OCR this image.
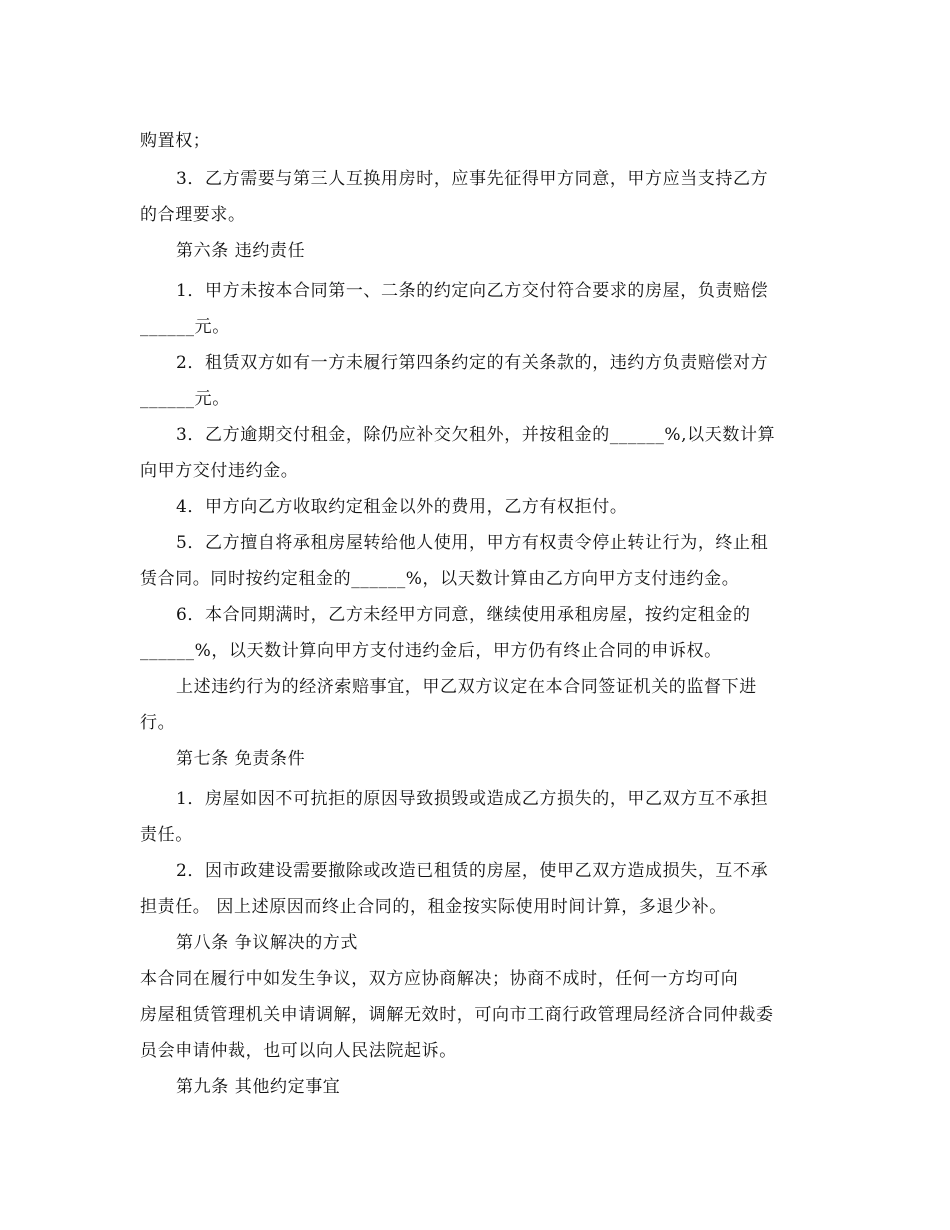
购置权；
3．乙方需要与第三人互换用房时，应事先征得甲方同意，甲方应当支持乙方
的合理要求。
第六条 违约责任
1．甲方未按本合同第一、二条的约定向乙方交付符合要求的房屋，负责赔偿
______元。
2．租赁双方如有一方未履行第四条约定的有关条款的，违约方负责赔偿对方
______元。
3．乙方逾期交付租金，除仍应补交欠租外，并按租金的______%,以天数计算
向甲方交付违约金。
4．甲方向乙方收取约定租金以外的费用，乙方有权拒付。
5．乙方擅自将承租房屋转给他人使用，甲方有权责令停止转让行为，终止租
赁合同。同时按约定租金的______%，以天数计算由乙方向甲方支付违约金。
6．本合同期满时，乙方未经甲方同意，继续使用承租房屋，按约定租金的
______%，以天数计算向甲方支付违约金后，甲方仍有终止合同的申诉权。
上述违约行为的经济索赔事宜，甲乙双方议定在本合同签证机关的监督下进
行。
第七条 免责条件
1．房屋如因不可抗拒的原因导致损毁或造成乙方损失的，甲乙双方互不承担
责任。
2．因市政建设需要撤除或改造已租赁的房屋，使甲乙双方造成损失，互不承
担责任。 因上述原因而终止合同的，租金按实际使用时间计算，多退少补。
第八条 争议解决的方式
本合同在履行中如发生争议，双方应协商解决；协商不成时，任何一方均可向
房屋租赁管理机关申请调解，调解无效时，可向市工商行政管理局经济合同仲裁委
员会申请仲裁，也可以向人民法院起诉。
第九条 其他约定事宜
